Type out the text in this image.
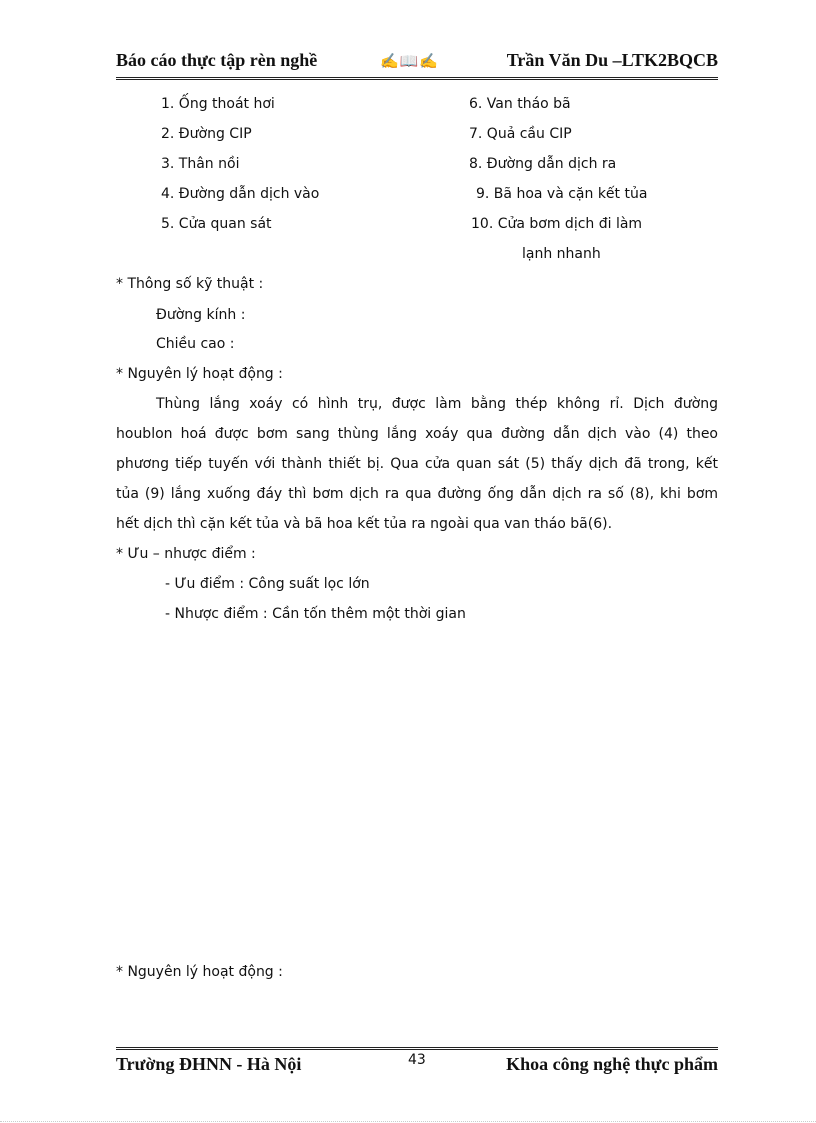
Báo cáo thực tập rèn nghề	✍📖✍	Trần Văn Du –LTK2BQCB
1. Ống thoát hơi
2. Đường CIP
3. Thân nồi
4. Đường dẫn dịch vào
5. Cửa quan sát
6. Van tháo bã
7. Quả cầu CIP
8. Đường dẫn dịch ra
9. Bã hoa và cặn kết tủa
10. Cửa bơm dịch đi làm
lạnh nhanh
* Thông số kỹ thuật :
Đường kính :
Chiều cao :
* Nguyên lý hoạt động :
Thùng lắng xoáy có hình trụ, được làm bằng thép không rỉ. Dịch đường
houblon hoá được bơm sang thùng lắng xoáy qua đường dẫn dịch vào (4) theo
phương tiếp tuyến với thành thiết bị. Qua cửa quan sát (5) thấy dịch đã trong, kết
tủa (9) lắng xuống đáy thì bơm dịch ra qua đường ống dẫn dịch ra số (8), khi bơm
hết dịch thì cặn kết tủa và bã hoa kết tủa ra ngoài qua van tháo bã(6).
* Ưu – nhược điểm :
- Ưu điểm : Công suất lọc lớn
- Nhược điểm : Cần tốn thêm một thời gian
* Nguyên lý hoạt động :
Trường ĐHNN - Hà Nội	43	Khoa công nghệ thực phẩm
